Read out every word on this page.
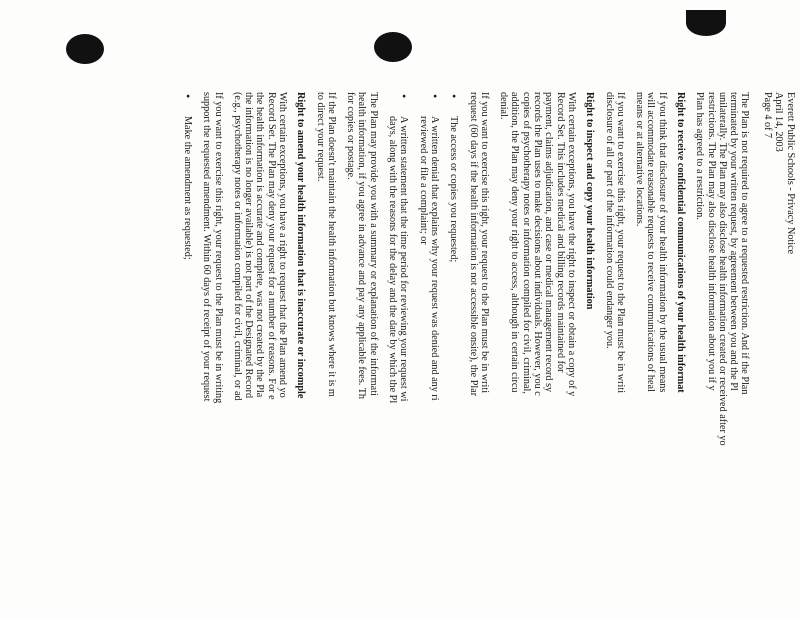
Everett Public Schools - Privacy Notice
April 14, 2003
Page 4 of 7

The Plan is not required to agree to a requested restriction. And if the Plan
terminated by your written request, by agreement between you and the Pl
unilaterally. The Plan may also disclose health information created or received after yo
restrictions. The Plan may also disclose health information about you if y
Plan has agreed to a restriction.

Right to receive confidential communications of your health informat

If you think that disclosure of your health information by the usual means
will accommodate reasonable requests to receive communications of heal
means or at alternative locations.

If you want to exercise this right, your request to the Plan must be in writi
disclosure of all or part of the information could endanger you.

Right to inspect and copy your health information

With certain exceptions, you have the right to inspect or obtain a copy of y
Record Set. This includes medical and billing records maintained for
payment, claims adjudication, and case or medical management record sy
records the Plan uses to make decisions about individuals. However, you c
copies of psychotherapy notes or information compiled for civil, criminal,
addition, the Plan may deny your right to access, although in certain circu
denial.

If you want to exercise this right, your request to the Plan must be in writi
request (60 days if the health information is not accessible onsite), the Plar

• The access or copies you requested;
• A written denial that explains why your request was denied and any ri
reviewed or file a complaint; or
• A written statement that the time period for reviewing your request wi
days, along with the reasons for the delay and the date by which the Pl

The Plan may provide you with a summary or explanation of the informati
health information, if you agree in advance and pay any applicable fees. Th
for copies or postage.

If the Plan doesn't maintain the health information but knows where it is m
to direct your request.

Right to amend your health information that is inaccurate or incomple

With certain exceptions, you have a right to request that the Plan amend yo
Record Set. The Plan may deny your request for a number of reasons. For e
the health information is accurate and complete, was not created by the Pla
the information is no longer available) is not part of the Designated Record
(e.g., psychotherapy notes or information compiled for civil, criminal, or ad

If you want to exercise this right, your request to the Plan must be in writing
support the requested amendment. Within 60 days of receipt of your request

• Make the amendment as requested;
